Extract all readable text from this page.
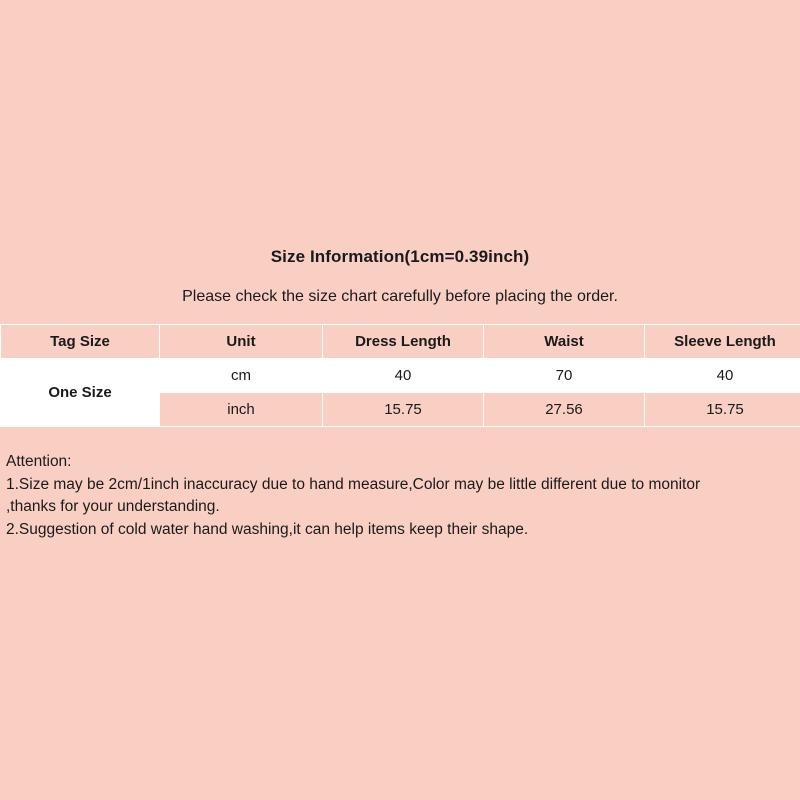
Size Information(1cm=0.39inch)
Please check the size chart carefully before placing the order.
Tag Size	Unit	Dress Length	Waist	Sleeve Length
One Size	cm	40	70	40
	inch	15.75	27.56	15.75
Attention:
1.Size may be 2cm/1inch inaccuracy due to hand measure,Color may be little different due to monitor
,thanks for your understanding.
2.Suggestion of cold water hand washing,it can help items keep their shape.
